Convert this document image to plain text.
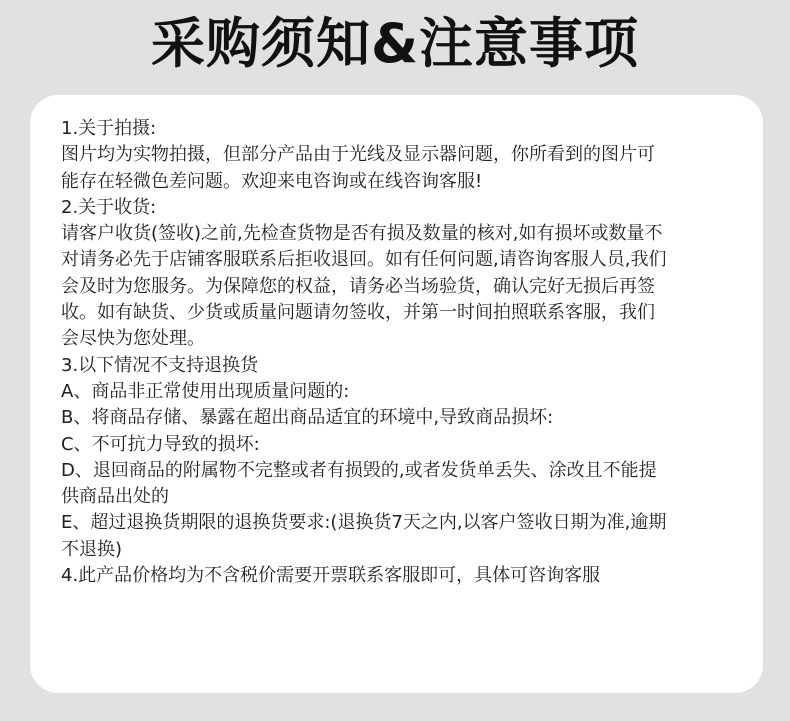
采购须知&注意事项
1.关于拍摄:
图片均为实物拍摄，但部分产品由于光线及显示器问题，你所看到的图片可
能存在轻微色差问题。欢迎来电咨询或在线咨询客服!
2.关于收货:
请客户收货(签收)之前,先检查货物是否有损及数量的核对,如有损坏或数量不
对请务必先于店铺客服联系后拒收退回。如有任何问题,请咨询客服人员,我们
会及时为您服务。为保障您的权益，请务必当场验货，确认完好无损后再签
收。如有缺货、少货或质量问题请勿签收，并第一时间拍照联系客服，我们
会尽快为您处理。
3.以下情况不支持退换货
A、商品非正常使用出现质量问题的:
B、将商品存储、暴露在超出商品适宜的环境中,导致商品损坏:
C、不可抗力导致的损坏:
D、退回商品的附属物不完整或者有损毁的,或者发货单丢失、涂改且不能提
供商品出处的
E、超过退换货期限的退换货要求:(退换货7天之内,以客户签收日期为准,逾期
不退换)
4.此产品价格均为不含税价需要开票联系客服即可，具体可咨询客服
